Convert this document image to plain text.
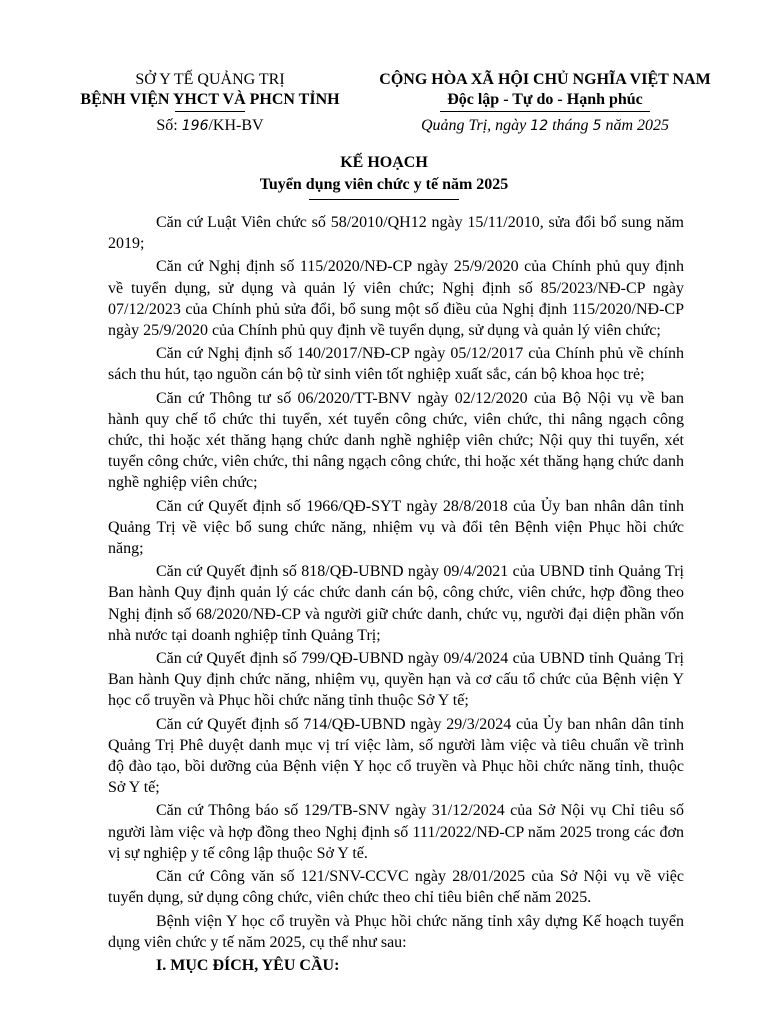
SỞ Y TẾ QUẢNG TRỊ
BỆNH VIỆN YHCT VÀ PHCN TỈNH
Số: 196/KH-BV
CỘNG HÒA XÃ HỘI CHỦ NGHĨA VIỆT NAM
Độc lập - Tự do - Hạnh phúc
Quảng Trị, ngày 12 tháng 5 năm 2025
KẾ HOẠCH
Tuyển dụng viên chức y tế năm 2025

Căn cứ Luật Viên chức số 58/2010/QH12 ngày 15/11/2010, sửa đổi bổ sung năm 2019;

Căn cứ Nghị định số 115/2020/NĐ-CP ngày 25/9/2020 của Chính phủ quy định về tuyển dụng, sử dụng và quản lý viên chức; Nghị định số 85/2023/NĐ-CP ngày 07/12/2023 của Chính phủ sửa đổi, bổ sung một số điều của Nghị định 115/2020/NĐ-CP ngày 25/9/2020 của Chính phủ quy định về tuyển dụng, sử dụng và quản lý viên chức;

Căn cứ Nghị định số 140/2017/NĐ-CP ngày 05/12/2017 của Chính phủ về chính sách thu hút, tạo nguồn cán bộ từ sinh viên tốt nghiệp xuất sắc, cán bộ khoa học trẻ;

Căn cứ Thông tư số 06/2020/TT-BNV ngày 02/12/2020 của Bộ Nội vụ về ban hành quy chế tổ chức thi tuyển, xét tuyển công chức, viên chức, thi nâng ngạch công chức, thi hoặc xét thăng hạng chức danh nghề nghiệp viên chức; Nội quy thi tuyển, xét tuyển công chức, viên chức, thi nâng ngạch công chức, thi hoặc xét thăng hạng chức danh nghề nghiệp viên chức;

Căn cứ Quyết định số 1966/QĐ-SYT ngày 28/8/2018 của Ủy ban nhân dân tỉnh Quảng Trị về việc bổ sung chức năng, nhiệm vụ và đổi tên Bệnh viện Phục hồi chức năng;

Căn cứ Quyết định số 818/QĐ-UBND ngày 09/4/2021 của UBND tỉnh Quảng Trị Ban hành Quy định quản lý các chức danh cán bộ, công chức, viên chức, hợp đồng theo Nghị định số 68/2020/NĐ-CP và người giữ chức danh, chức vụ, người đại diện phần vốn nhà nước tại doanh nghiệp tỉnh Quảng Trị;

Căn cứ Quyết định số 799/QĐ-UBND ngày 09/4/2024 của UBND tỉnh Quảng Trị Ban hành Quy định chức năng, nhiệm vụ, quyền hạn và cơ cấu tổ chức của Bệnh viện Y học cổ truyền và Phục hồi chức năng tỉnh thuộc Sở Y tế;

Căn cứ Quyết định số 714/QĐ-UBND ngày 29/3/2024 của Ủy ban nhân dân tỉnh Quảng Trị Phê duyệt danh mục vị trí việc làm, số người làm việc và tiêu chuẩn về trình độ đào tạo, bồi dưỡng của Bệnh viện Y học cổ truyền và Phục hồi chức năng tỉnh, thuộc Sở Y tế;

Căn cứ Thông báo số 129/TB-SNV ngày 31/12/2024 của Sở Nội vụ Chỉ tiêu số người làm việc và hợp đồng theo Nghị định số 111/2022/NĐ-CP năm 2025 trong các đơn vị sự nghiệp y tế công lập thuộc Sở Y tế.

Căn cứ Công văn số 121/SNV-CCVC ngày 28/01/2025 của Sở Nội vụ về việc tuyển dụng, sử dụng công chức, viên chức theo chỉ tiêu biên chế năm 2025.

Bệnh viện Y học cổ truyền và Phục hồi chức năng tỉnh xây dựng Kế hoạch tuyển dụng viên chức y tế năm 2025, cụ thể như sau:

I. MỤC ĐÍCH, YÊU CẦU:
